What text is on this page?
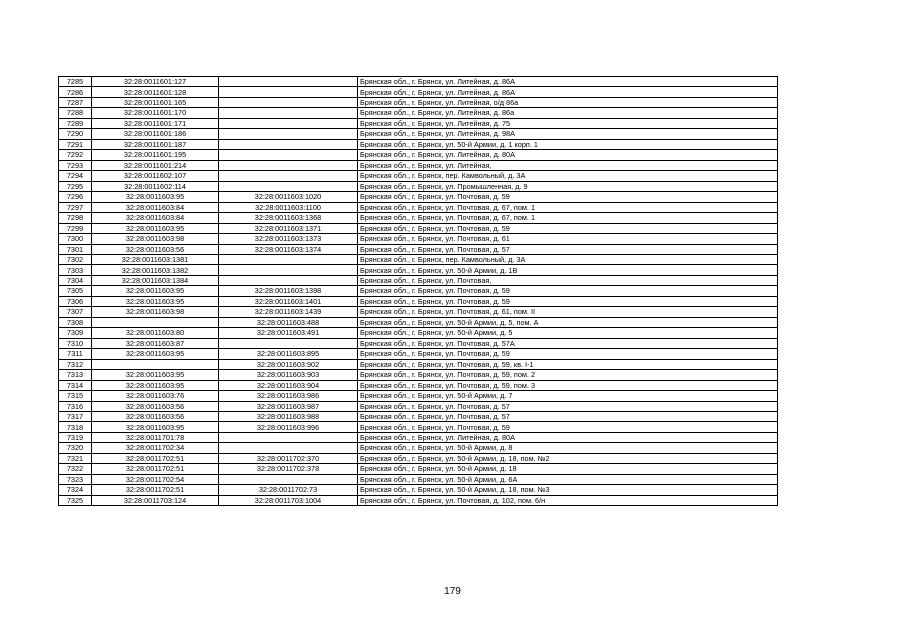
7285	32:28:0011601:127		Брянская обл., г. Брянск, ул. Литейная, д. 86А
7286	32:28:0011601:128		Брянская обл., г. Брянск, ул. Литейная, д. 86А
7287	32:28:0011601:165		Брянская обл., г. Брянск, ул. Литейная, о/д 86а
7288	32:28:0011601:170		Брянская обл., г. Брянск, ул. Литейная, д. 86а
7289	32:28:0011601:171		Брянская обл., г. Брянск, ул. Литейная, д. 75
7290	32:28:0011601:186		Брянская обл., г. Брянск, ул. Литейная, д. 98А
7291	32:28:0011601:187		Брянская обл., г. Брянск, ул. 50-й Армии, д. 1 корп. 1
7292	32:28:0011601:195		Брянская обл., г. Брянск, ул. Литейная, д. 80А
7293	32:28:0011601:214		Брянская обл., г. Брянск, ул. Литейная,
7294	32:28:0011602:107		Брянская обл., г. Брянск, пер. Камвольный, д. 3А
7295	32:28:0011602:114		Брянская обл., г. Брянск, ул. Промышленная, д. 9
7296	32:28:0011603:95	32:28:0011603:1020	Брянская обл., г. Брянск, ул. Почтовая, д. 59
7297	32:28:0011603:84	32:28:0011603:1100	Брянская обл., г. Брянск, ул. Почтовая, д. 67, пом. 1
7298	32:28:0011603:84	32:28:0011603:1368	Брянская обл., г. Брянск, ул. Почтовая, д. 67, пом. 1
7299	32:28:0011603:95	32:28:0011603:1371	Брянская обл., г. Брянск, ул. Почтовая, д. 59
7300	32:28:0011603:98	32:28:0011603:1373	Брянская обл., г. Брянск, ул. Почтовая, д. 61
7301	32:28:0011603:56	32:28:0011603:1374	Брянская обл., г. Брянск, ул. Почтовая, д. 57
7302	32:28:0011603:1381		Брянская обл., г. Брянск, пер. Камвольный, д. 3А
7303	32:28:0011603:1382		Брянская обл., г. Брянск, ул. 50-й Армии, д. 1В
7304	32:28:0011603:1384		Брянская обл., г. Брянск, ул. Почтовая,
7305	32:28:0011603:95	32:28:0011603:1398	Брянская обл., г. Брянск, ул. Почтовая, д. 59
7306	32:28:0011603:95	32:28:0011603:1401	Брянская обл., г. Брянск, ул. Почтовая, д. 59
7307	32:28:0011603:98	32:28:0011603:1439	Брянская обл., г. Брянск, ул. Почтовая, д. 61, пом. II
7308		32:28:0011603:488	Брянская обл., г. Брянск, ул. 50-й Армии, д. 5, пом. А
7309	32:28:0011603:80	32:28:0011603:491	Брянская обл., г. Брянск, ул. 50-й Армии, д. 5
7310	32:28:0011603:87		Брянская обл., г. Брянск, ул. Почтовая, д. 57А
7311	32:28:0011603:95	32:28:0011603:895	Брянская обл., г. Брянск, ул. Почтовая, д. 59
7312		32:28:0011603:902	Брянская обл., г. Брянск, ул. Почтовая, д. 59, кв. I-1
7313	32:28:0011603:95	32:28:0011603:903	Брянская обл., г. Брянск, ул. Почтовая, д. 59, пом. 2
7314	32:28:0011603:95	32:28:0011603:904	Брянская обл., г. Брянск, ул. Почтовая, д. 59, пом. 3
7315	32:28:0011603:76	32:28:0011603:986	Брянская обл., г. Брянск, ул. 50-й Армии, д. 7
7316	32:28:0011603:56	32:28:0011603:987	Брянская обл., г. Брянск, ул. Почтовая, д. 57
7317	32:28:0011603:56	32:28:0011603:988	Брянская обл., г. Брянск, ул. Почтовая, д. 57
7318	32:28:0011603:95	32:28:0011603:996	Брянская обл., г. Брянск, ул. Почтовая, д. 59
7319	32:28:0011701:78		Брянская обл., г. Брянск, ул. Литейная, д. 80А
7320	32:28:0011702:34		Брянская обл., г. Брянск, ул. 50-й Армии, д. 8
7321	32:28:0011702:51	32:28:0011702:370	Брянская обл., г. Брянск, ул. 50-й Армии, д. 18, пом. №2
7322	32:28:0011702:51	32:28:0011702:378	Брянская обл., г. Брянск, ул. 50-й Армии, д. 18
7323	32:28:0011702:54		Брянская обл., г. Брянск, ул. 50-й Армии, д. 6А
7324	32:28:0011702:51	32:28:0011702:73	Брянская обл., г. Брянск, ул. 50-й Армии, д. 18, пом. №3
7325	32:28:0011703:124	32:28:0011703:1004	Брянская обл., г. Брянск, ул. Почтовая, д. 102, пом. 6/н
179
